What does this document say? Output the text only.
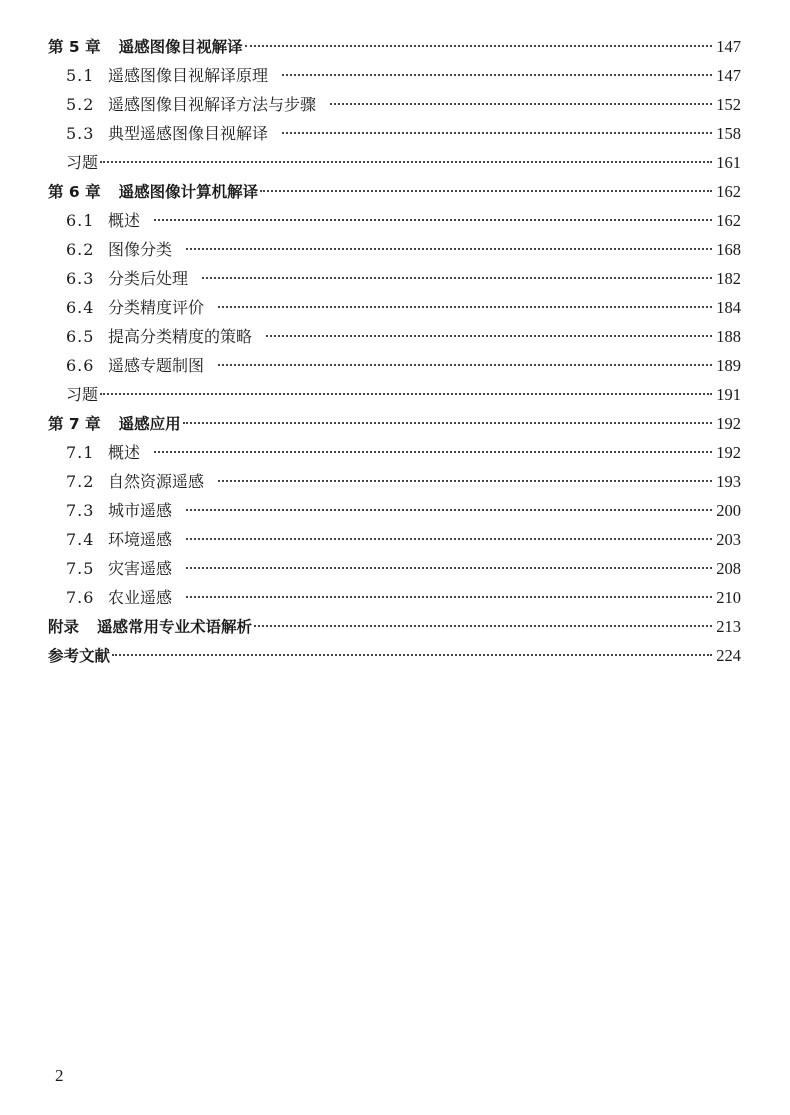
第 5 章 遥感图像目视解译	147
5.1 遥感图像目视解译原理	147
5.2 遥感图像目视解译方法与步骤	152
5.3 典型遥感图像目视解译	158
习题	161
第 6 章 遥感图像计算机解译	162
6.1 概述	162
6.2 图像分类	168
6.3 分类后处理	182
6.4 分类精度评价	184
6.5 提高分类精度的策略	188
6.6 遥感专题制图	189
习题	191
第 7 章 遥感应用	192
7.1 概述	192
7.2 自然资源遥感	193
7.3 城市遥感	200
7.4 环境遥感	203
7.5 灾害遥感	208
7.6 农业遥感	210
附录 遥感常用专业术语解析	213
参考文献	224
2
